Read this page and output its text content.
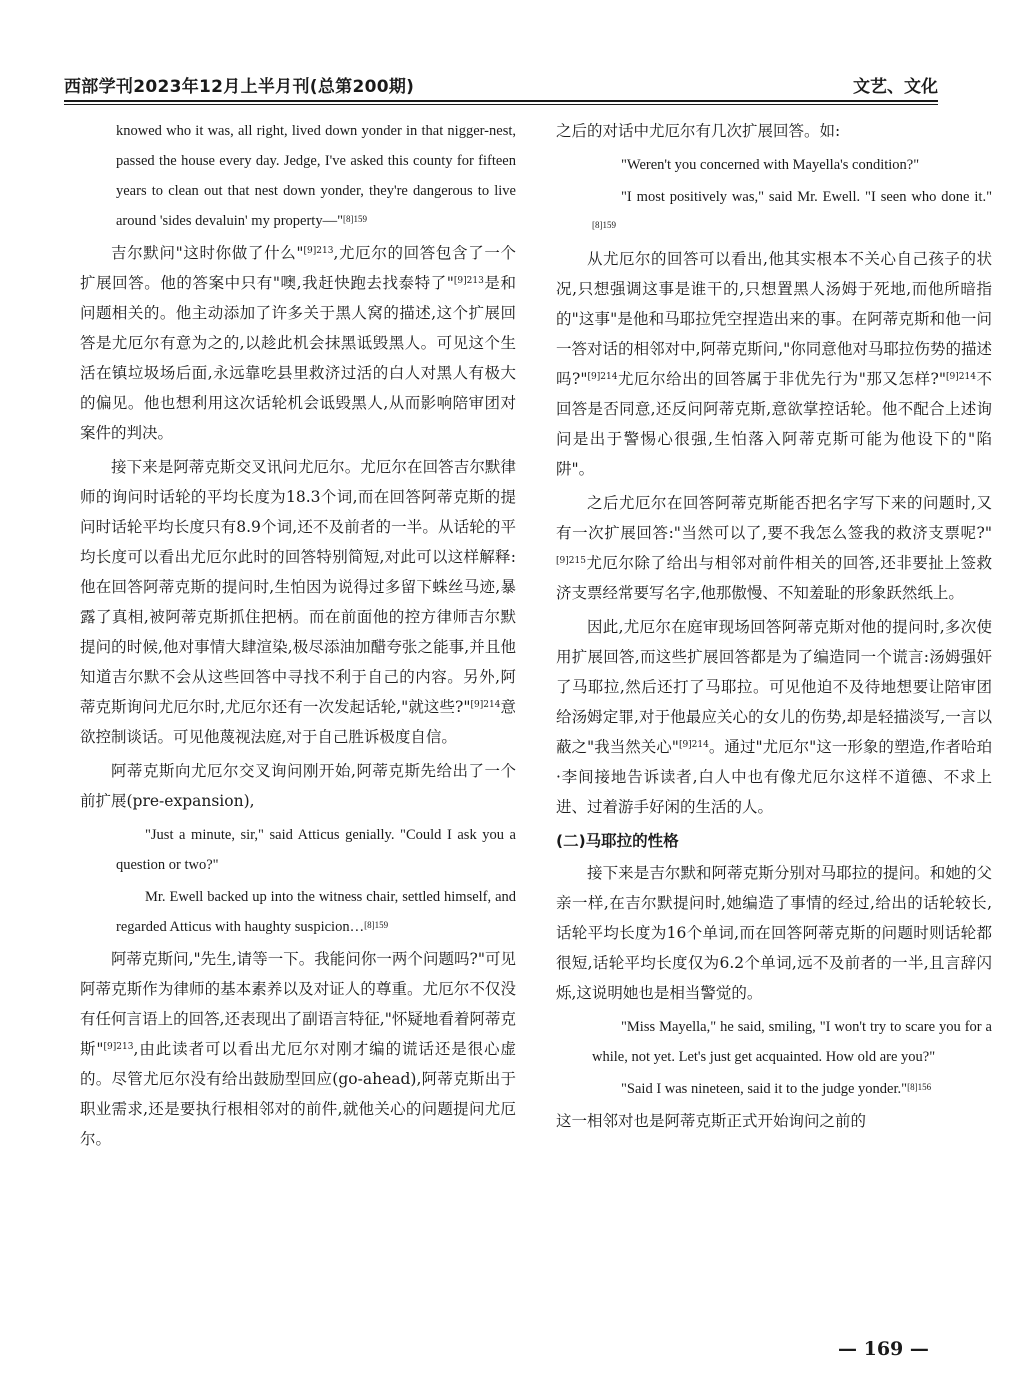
西部学刊2023年12月上半月刊(总第200期)	文艺、文化

knowed who it was, all right, lived down yonder in that nigger-nest, passed the house every day. Jedge, I've asked this county for fifteen years to clean out that nest down yonder, they're dangerous to live around 'sides devaluin' my property—"$^{[8]159}$

吉尔默问"这时你做了什么"$^{[9]213}$,尤厄尔的回答包含了一个扩展回答。他的答案中只有"噢,我赶快跑去找泰特了"$^{[9]213}$是和问题相关的。他主动添加了许多关于黑人窝的描述,这个扩展回答是尤厄尔有意为之的,以趁此机会抹黑诋毁黑人。可见这个生活在镇垃圾场后面,永远靠吃县里救济过活的白人对黑人有极大的偏见。他也想利用这次话轮机会诋毁黑人,从而影响陪审团对案件的判决。

接下来是阿蒂克斯交叉讯问尤厄尔。尤厄尔在回答吉尔默律师的询问时话轮的平均长度为18.3个词,而在回答阿蒂克斯的提问时话轮平均长度只有8.9个词,还不及前者的一半。从话轮的平均长度可以看出尤厄尔此时的回答特别简短,对此可以这样解释:他在回答阿蒂克斯的提问时,生怕因为说得过多留下蛛丝马迹,暴露了真相,被阿蒂克斯抓住把柄。而在前面他的控方律师吉尔默提问的时候,他对事情大肆渲染,极尽添油加醋夸张之能事,并且他知道吉尔默不会从这些回答中寻找不利于自己的内容。另外,阿蒂克斯询问尤厄尔时,尤厄尔还有一次发起话轮,"就这些?"$^{[9]214}$意欲控制谈话。可见他蔑视法庭,对于自己胜诉极度自信。

阿蒂克斯向尤厄尔交叉询问刚开始,阿蒂克斯先给出了一个前扩展(pre-expansion),

"Just a minute, sir," said Atticus genially. "Could I ask you a question or two?"

Mr. Ewell backed up into the witness chair, settled himself, and regarded Atticus with haughty suspicion…$^{[8]159}$

阿蒂克斯问,"先生,请等一下。我能问你一两个问题吗?"可见阿蒂克斯作为律师的基本素养以及对证人的尊重。尤厄尔不仅没有任何言语上的回答,还表现出了副语言特征,"怀疑地看着阿蒂克斯"$^{[9]213}$,由此读者可以看出尤厄尔对刚才编的谎话还是很心虚的。尽管尤厄尔没有给出鼓励型回应(go-ahead),阿蒂克斯出于职业需求,还是要执行根相邻对的前件,就他关心的问题提问尤厄尔。

之后的对话中尤厄尔有几次扩展回答。如:

"Weren't you concerned with Mayella's condition?"

"I most positively was," said Mr. Ewell. "I seen who done it."$^{[8]159}$

从尤厄尔的回答可以看出,他其实根本不关心自己孩子的状况,只想强调这事是谁干的,只想置黑人汤姆于死地,而他所暗指的"这事"是他和马耶拉凭空捏造出来的事。在阿蒂克斯和他一问一答对话的相邻对中,阿蒂克斯问,"你同意他对马耶拉伤势的描述吗?"$^{[9]214}$尤厄尔给出的回答属于非优先行为"那又怎样?"$^{[9]214}$不回答是否同意,还反问阿蒂克斯,意欲掌控话轮。他不配合上述询问是出于警惕心很强,生怕落入阿蒂克斯可能为他设下的"陷阱"。

之后尤厄尔在回答阿蒂克斯能否把名字写下来的问题时,又有一次扩展回答:"当然可以了,要不我怎么签我的救济支票呢?"$^{[9]215}$尤厄尔除了给出与相邻对前件相关的回答,还非要扯上签救济支票经常要写名字,他那傲慢、不知羞耻的形象跃然纸上。

因此,尤厄尔在庭审现场回答阿蒂克斯对他的提问时,多次使用扩展回答,而这些扩展回答都是为了编造同一个谎言:汤姆强奸了马耶拉,然后还打了马耶拉。可见他迫不及待地想要让陪审团给汤姆定罪,对于他最应关心的女儿的伤势,却是轻描淡写,一言以蔽之"我当然关心"$^{[9]214}$。通过"尤厄尔"这一形象的塑造,作者哈珀·李间接地告诉读者,白人中也有像尤厄尔这样不道德、不求上进、过着游手好闲的生活的人。

(二)马耶拉的性格

接下来是吉尔默和阿蒂克斯分别对马耶拉的提问。和她的父亲一样,在吉尔默提问时,她编造了事情的经过,给出的话轮较长,话轮平均长度为16个单词,而在回答阿蒂克斯的问题时则话轮都很短,话轮平均长度仅为6.2个单词,远不及前者的一半,且言辞闪烁,这说明她也是相当警觉的。

"Miss Mayella," he said, smiling, "I won't try to scare you for a while, not yet. Let's just get acquainted. How old are you?"

"Said I was nineteen, said it to the judge yonder."$^{[8]156}$

这一相邻对也是阿蒂克斯正式开始询问之前的

— 169 —
